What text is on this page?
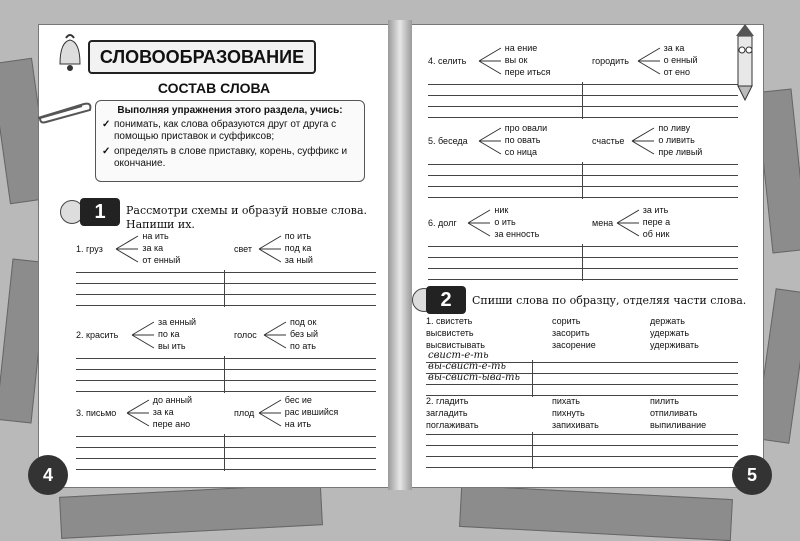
4	5
СЛОВООБРАЗОВАНИЕ
СОСТАВ СЛОВА
Выполняя упражнения этого раздела, учись:
✓ понимать, как слова образуются друг от друга с помощью приставок и суффиксов;
✓ определять в слове приставку, корень, суффикс и окончание.
1	Рассмотри схемы и образуй новые слова. Напиши их.
2	Спиши слова по образцу, отделяя части слова.
1. груз
на ить
за ка
от енный
свет
по ить
под ка
за ный
2. красить
за енный
по ка
вы ить
голос
под ок
без ый
по ать
3. письмо
до анный
за ка
пере ано
плод
бес ие
рас ившийся
на ить
4. селить
на ение
вы ок
пере иться
городить
за ка
о енный
от ено
5. беседа
про овали
по овать
со ница
счастье
по ливу
о ливить
пре ливый
6. долг
ник
о ить
за енность
мена
за ить
пере а
об ник
1. свистеть	сорить	держать
высвистеть	засорить	удержать
высвистывать	засорение	удерживать
свист-е-ть
вы-свист-е-ть
вы-свист-ыва-ть
2. гладить	пихать	пилить
загладить	пихнуть	отпиливать
поглаживать	запихивать	выпиливание
